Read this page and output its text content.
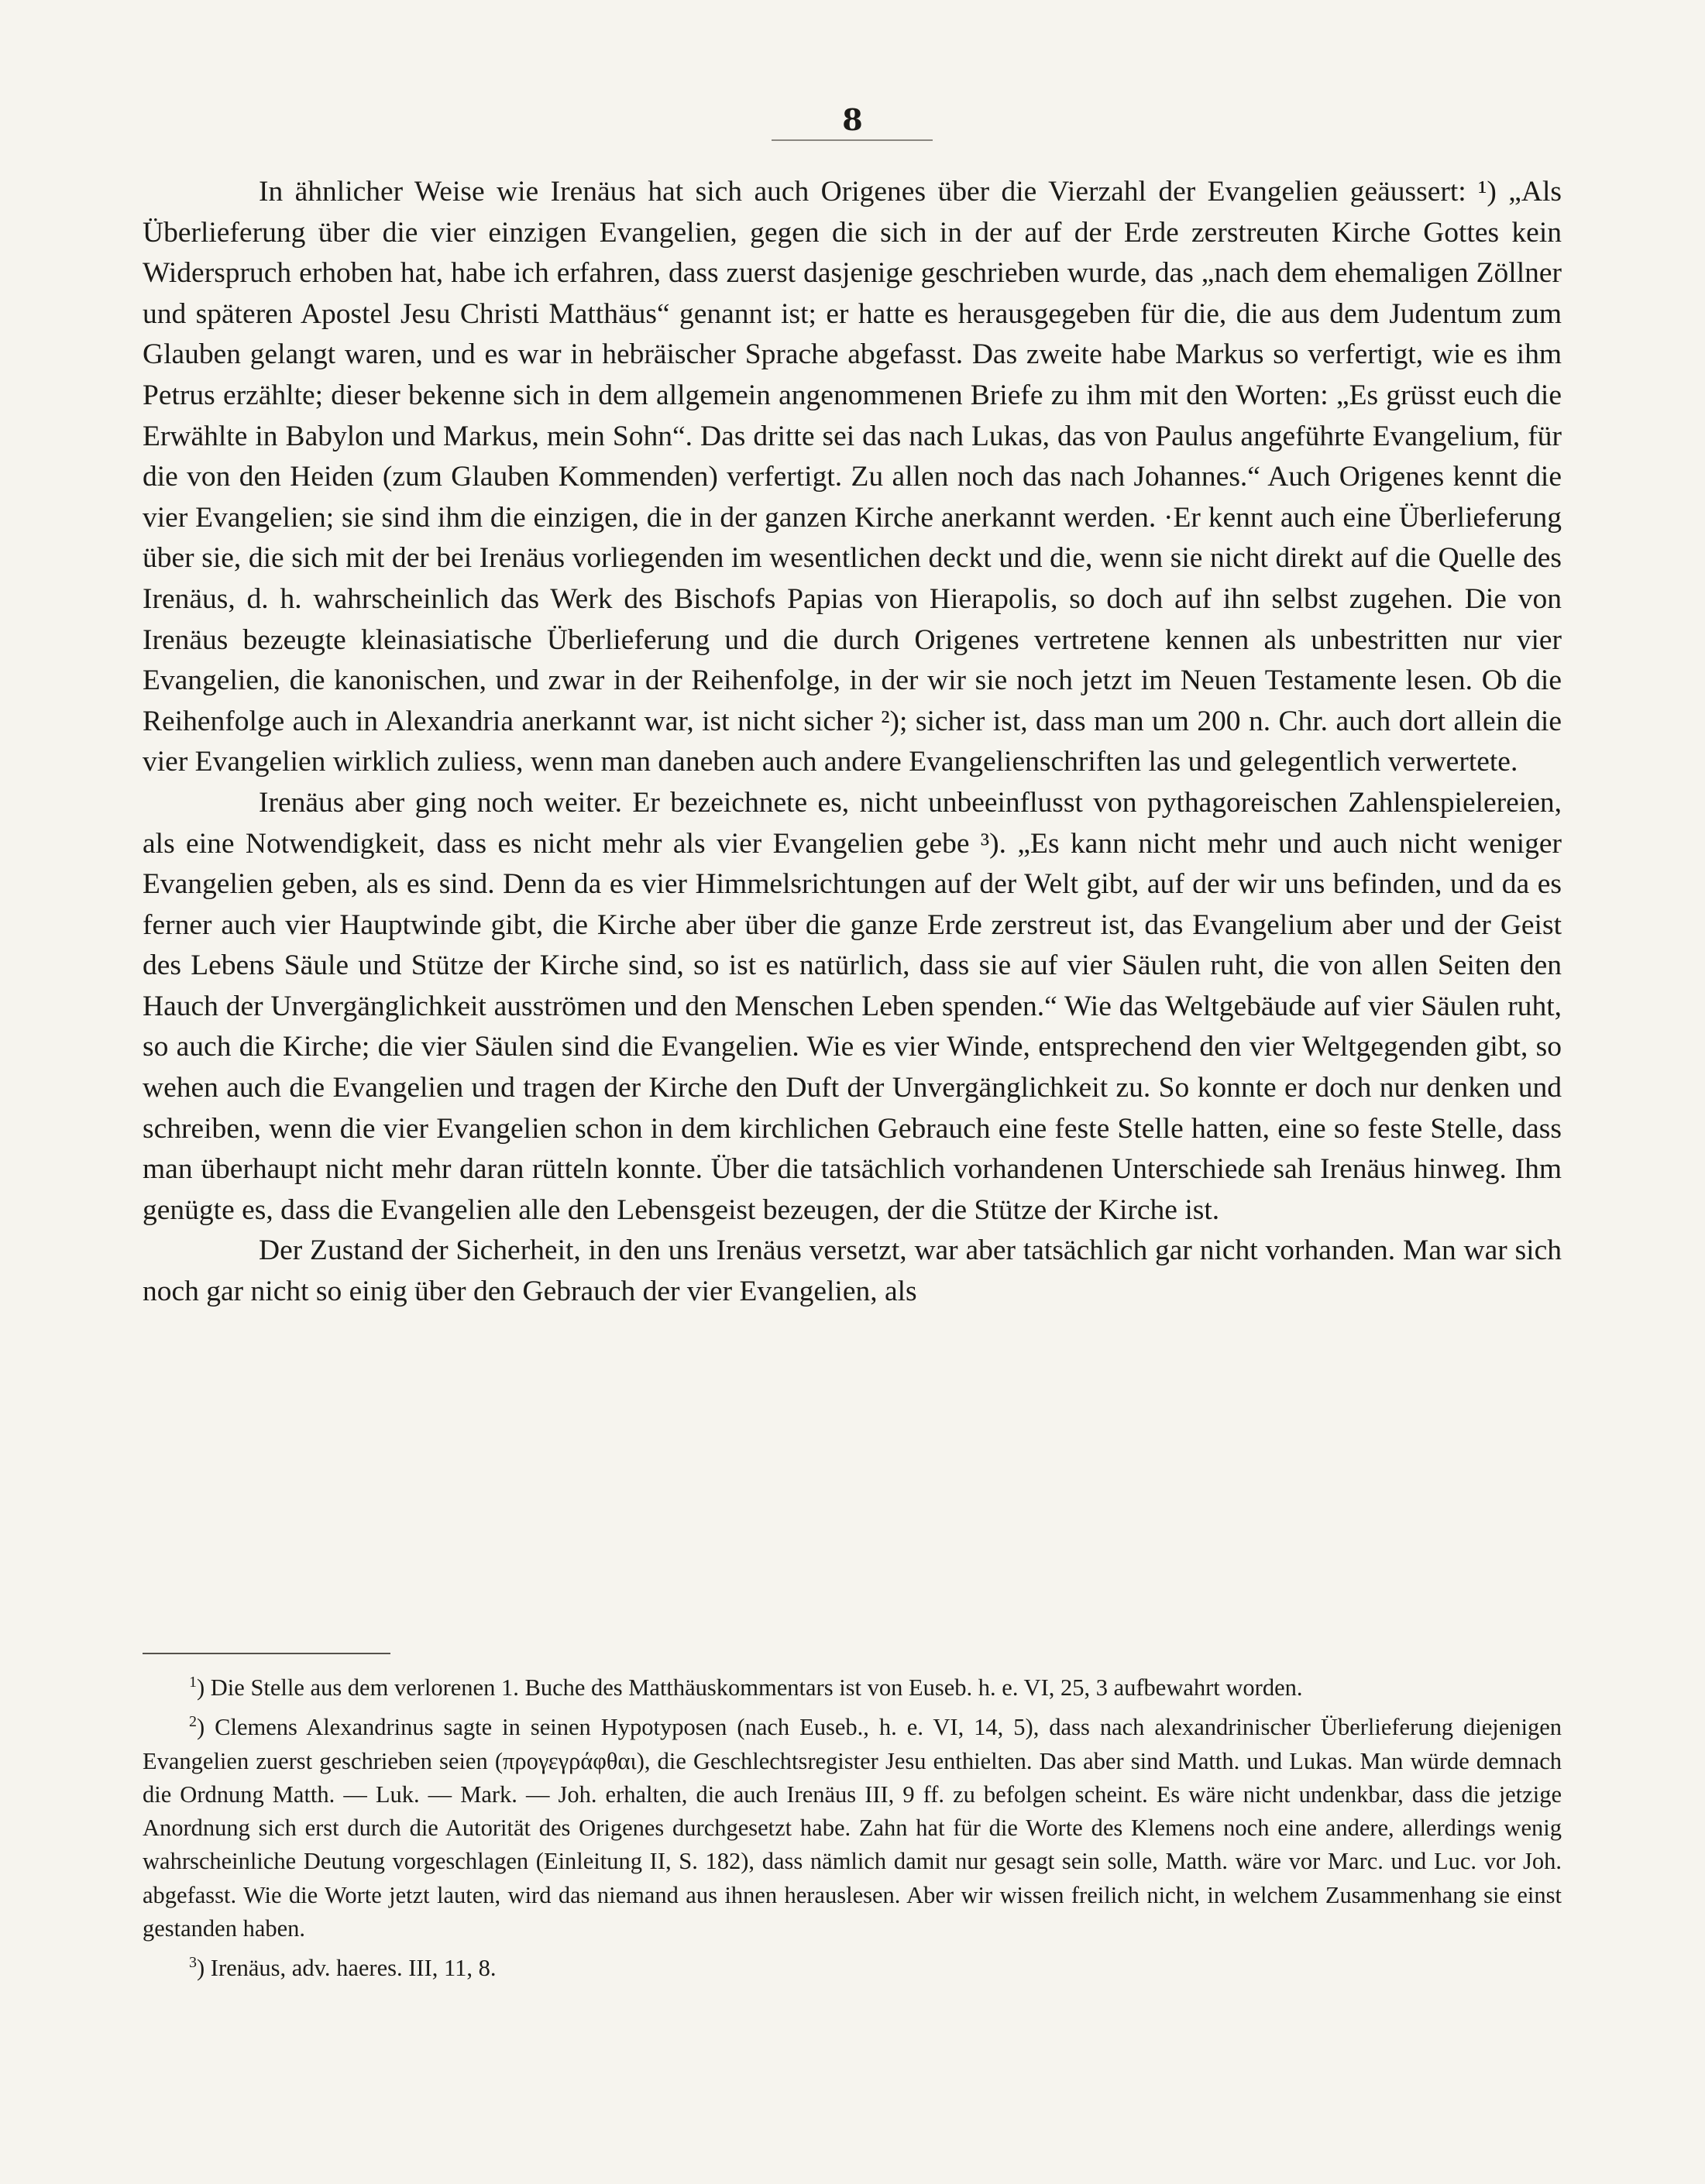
8

In ähnlicher Weise wie Irenäus hat sich auch Origenes über die Vierzahl der Evangelien geäussert: ¹) „Als Überlieferung über die vier einzigen Evangelien, gegen die sich in der auf der Erde zerstreuten Kirche Gottes kein Widerspruch erhoben hat, habe ich erfahren, dass zuerst dasjenige geschrieben wurde, das „nach dem ehemaligen Zöllner und späteren Apostel Jesu Christi Matthäus“ genannt ist; er hatte es herausgegeben für die, die aus dem Judentum zum Glauben gelangt waren, und es war in hebräischer Sprache abgefasst. Das zweite habe Markus so verfertigt, wie es ihm Petrus erzählte; dieser bekenne sich in dem allgemein angenommenen Briefe zu ihm mit den Worten: „Es grüsst euch die Erwählte in Babylon und Markus, mein Sohn“. Das dritte sei das nach Lukas, das von Paulus angeführte Evangelium, für die von den Heiden (zum Glauben Kommenden) verfertigt. Zu allen noch das nach Johannes.“ Auch Origenes kennt die vier Evangelien; sie sind ihm die einzigen, die in der ganzen Kirche anerkannt werden. ·Er kennt auch eine Überlieferung über sie, die sich mit der bei Irenäus vorliegenden im wesentlichen deckt und die, wenn sie nicht direkt auf die Quelle des Irenäus, d. h. wahrscheinlich das Werk des Bischofs Papias von Hierapolis, so doch auf ihn selbst zugehen. Die von Irenäus bezeugte kleinasiatische Überlieferung und die durch Origenes vertretene kennen als unbestritten nur vier Evangelien, die kanonischen, und zwar in der Reihenfolge, in der wir sie noch jetzt im Neuen Testamente lesen. Ob die Reihenfolge auch in Alexandria anerkannt war, ist nicht sicher ²); sicher ist, dass man um 200 n. Chr. auch dort allein die vier Evangelien wirklich zuliess, wenn man daneben auch andere Evangelienschriften las und gelegentlich verwertete.

Irenäus aber ging noch weiter. Er bezeichnete es, nicht unbeeinflusst von pythagoreischen Zahlenspielereien, als eine Notwendigkeit, dass es nicht mehr als vier Evangelien gebe ³). „Es kann nicht mehr und auch nicht weniger Evangelien geben, als es sind. Denn da es vier Himmelsrichtungen auf der Welt gibt, auf der wir uns befinden, und da es ferner auch vier Hauptwinde gibt, die Kirche aber über die ganze Erde zerstreut ist, das Evangelium aber und der Geist des Lebens Säule und Stütze der Kirche sind, so ist es natürlich, dass sie auf vier Säulen ruht, die von allen Seiten den Hauch der Unvergänglichkeit ausströmen und den Menschen Leben spenden.“ Wie das Weltgebäude auf vier Säulen ruht, so auch die Kirche; die vier Säulen sind die Evangelien. Wie es vier Winde, entsprechend den vier Weltgegenden gibt, so wehen auch die Evangelien und tragen der Kirche den Duft der Unvergänglichkeit zu. So konnte er doch nur denken und schreiben, wenn die vier Evangelien schon in dem kirchlichen Gebrauch eine feste Stelle hatten, eine so feste Stelle, dass man überhaupt nicht mehr daran rütteln konnte. Über die tatsächlich vorhandenen Unterschiede sah Irenäus hinweg. Ihm genügte es, dass die Evangelien alle den Lebensgeist bezeugen, der die Stütze der Kirche ist.

Der Zustand der Sicherheit, in den uns Irenäus versetzt, war aber tatsächlich gar nicht vorhanden. Man war sich noch gar nicht so einig über den Gebrauch der vier Evangelien, als

$^1$) Die Stelle aus dem verlorenen 1. Buche des Matthäuskommentars ist von Euseb. h. e. VI, 25, 3 aufbewahrt worden.

$^2$) Clemens Alexandrinus sagte in seinen Hypotyposen (nach Euseb., h. e. VI, 14, 5), dass nach alexandrinischer Überlieferung diejenigen Evangelien zuerst geschrieben seien (προγεγράφθαι), die Geschlechtsregister Jesu enthielten. Das aber sind Matth. und Lukas. Man würde demnach die Ordnung Matth. — Luk. — Mark. — Joh. erhalten, die auch Irenäus III, 9 ff. zu befolgen scheint. Es wäre nicht undenkbar, dass die jetzige Anordnung sich erst durch die Autorität des Origenes durchgesetzt habe. Zahn hat für die Worte des Klemens noch eine andere, allerdings wenig wahrscheinliche Deutung vorgeschlagen (Einleitung II, S. 182), dass nämlich damit nur gesagt sein solle, Matth. wäre vor Marc. und Luc. vor Joh. abgefasst. Wie die Worte jetzt lauten, wird das niemand aus ihnen herauslesen. Aber wir wissen freilich nicht, in welchem Zusammenhang sie einst gestanden haben.

$^3$) Irenäus, adv. haeres. III, 11, 8.
